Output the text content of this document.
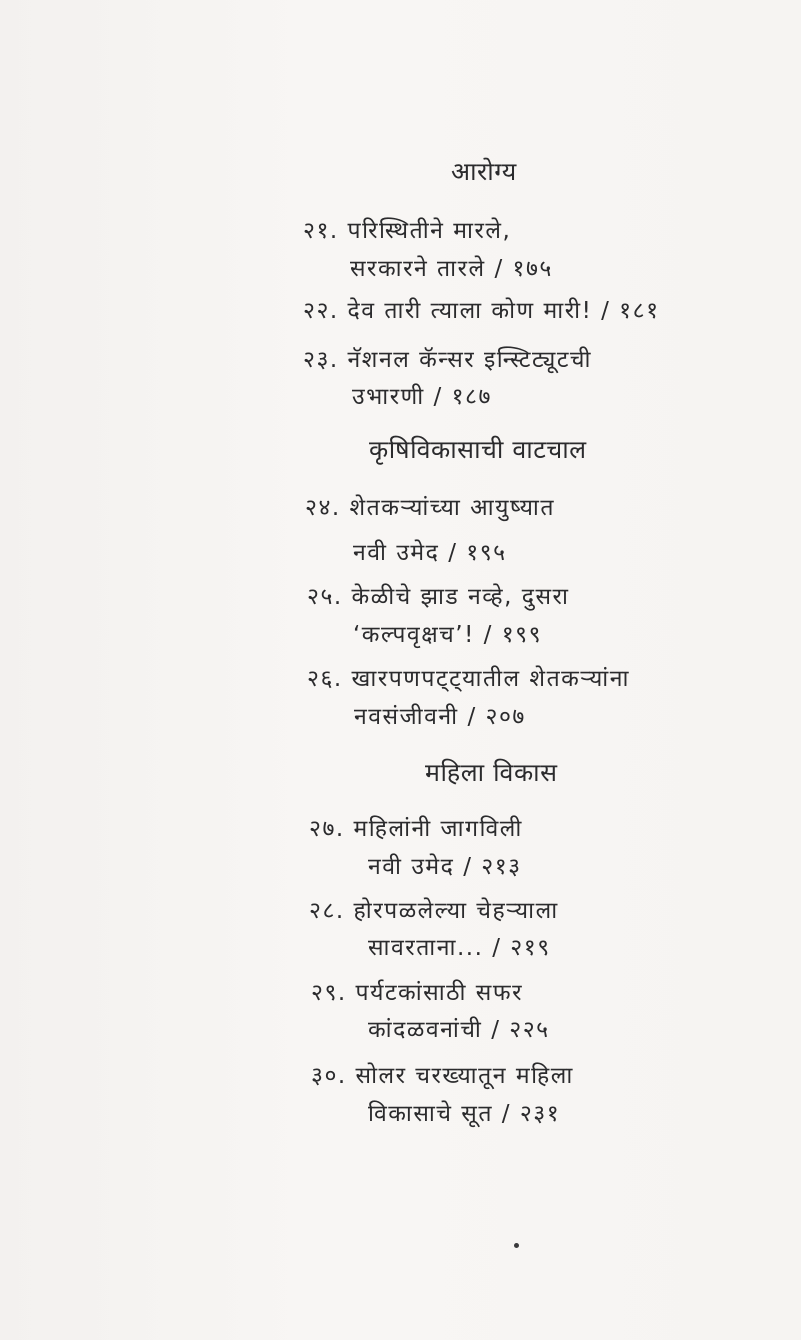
आरोग्य
२१. परिस्थितीने मारले,
सरकारने तारले / १७५
२२. देव तारी त्याला कोण मारी! / १८१
२३. नॅशनल कॅन्सर इन्स्टिट्यूटची
उभारणी / १८७
कृषिविकासाची वाटचाल
२४. शेतकऱ्यांच्या आयुष्यात
नवी उमेद / १९५
२५. केळीचे झाड नव्हे, दुसरा
‘कल्पवृक्षच’! / १९९
२६. खारपणपट्ट्यातील शेतकऱ्यांना
नवसंजीवनी / २०७
महिला विकास
२७. महिलांनी जागविली
नवी उमेद / २१३
२८. होरपळलेल्या चेहऱ्याला
सावरताना... / २१९
२९. पर्यटकांसाठी सफर
कांदळवनांची / २२५
३०. सोलर चरख्यातून महिला
विकासाचे सूत / २३१
